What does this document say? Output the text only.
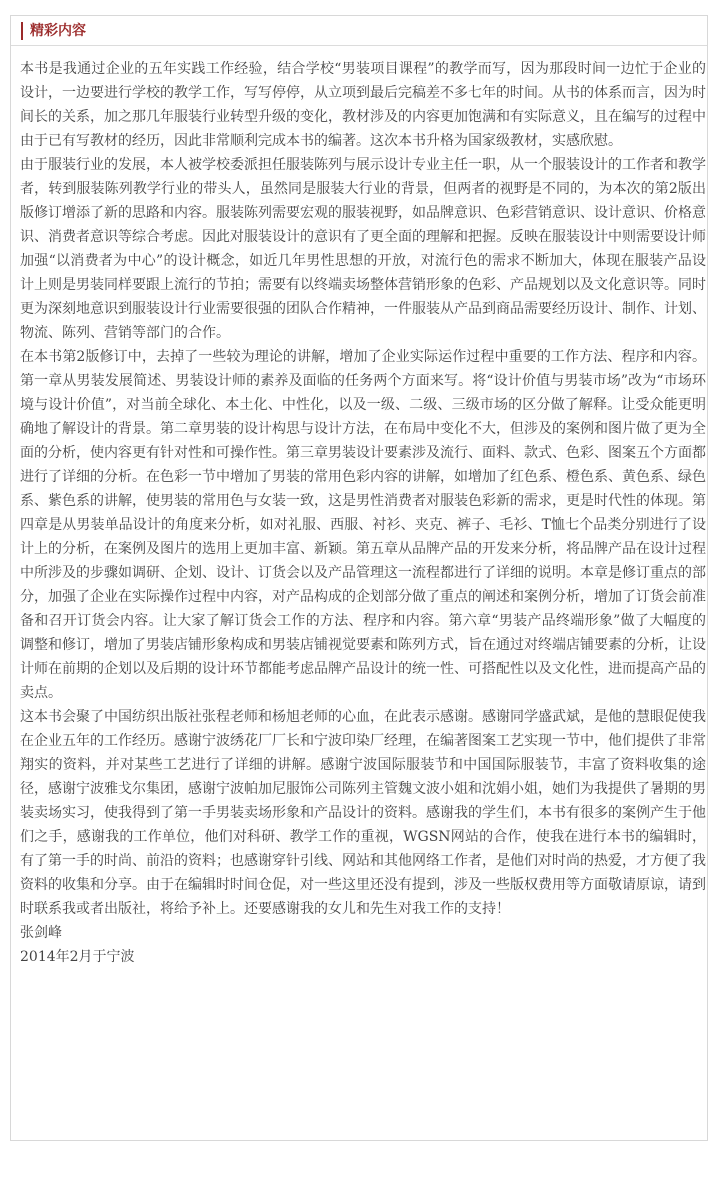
精彩内容

本书是我通过企业的五年实践工作经验，结合学校“男装项目课程”的教学而写，因为那段时间一边忙于企业的设计，一边要进行学校的教学工作，写写停停，从立项到最后完稿差不多七年的时间。从书的体系而言，因为时间长的关系，加之那几年服装行业转型升级的变化，教材涉及的内容更加饱满和有实际意义，且在编写的过程中由于已有写教材的经历，因此非常顺利完成本书的编著。这次本书升格为国家级教材，实感欣慰。

由于服装行业的发展，本人被学校委派担任服装陈列与展示设计专业主任一职，从一个服装设计的工作者和教学者，转到服装陈列教学行业的带头人，虽然同是服装大行业的背景，但两者的视野是不同的，为本次的第2版出版修订增添了新的思路和内容。服装陈列需要宏观的服装视野，如品牌意识、色彩营销意识、设计意识、价格意识、消费者意识等综合考虑。因此对服装设计的意识有了更全面的理解和把握。反映在服装设计中则需要设计师加强“以消费者为中心”的设计概念，如近几年男性思想的开放，对流行色的需求不断加大，体现在服装产品设计上则是男装同样要跟上流行的节拍；需要有以终端卖场整体营销形象的色彩、产品规划以及文化意识等。同时更为深刻地意识到服装设计行业需要很强的团队合作精神，一件服装从产品到商品需要经历设计、制作、计划、物流、陈列、营销等部门的合作。

在本书第2版修订中，去掉了一些较为理论的讲解，增加了企业实际运作过程中重要的工作方法、程序和内容。第一章从男装发展简述、男装设计师的素养及面临的任务两个方面来写。将“设计价值与男装市场”改为“市场环境与设计价值”，对当前全球化、本土化、中性化，以及一级、二级、三级市场的区分做了解释。让受众能更明确地了解设计的背景。第二章男装的设计构思与设计方法，在布局中变化不大，但涉及的案例和图片做了更为全面的分析，使内容更有针对性和可操作性。第三章男装设计要素涉及流行、面料、款式、色彩、图案五个方面都进行了详细的分析。在色彩一节中增加了男装的常用色彩内容的讲解，如增加了红色系、橙色系、黄色系、绿色系、紫色系的讲解，使男装的常用色与女装一致，这是男性消费者对服装色彩新的需求，更是时代性的体现。第四章是从男装单品设计的角度来分析，如对礼服、西服、衬衫、夹克、裤子、毛衫、T恤七个品类分别进行了设计上的分析，在案例及图片的选用上更加丰富、新颖。第五章从品牌产品的开发来分析，将品牌产品在设计过程中所涉及的步骤如调研、企划、设计、订货会以及产品管理这一流程都进行了详细的说明。本章是修订重点的部分，加强了企业在实际操作过程中内容，对产品构成的企划部分做了重点的阐述和案例分析，增加了订货会前准备和召开订货会内容。让大家了解订货会工作的方法、程序和内容。第六章“男装产品终端形象”做了大幅度的调整和修订，增加了男装店铺形象构成和男装店铺视觉要素和陈列方式，旨在通过对终端店铺要素的分析，让设计师在前期的企划以及后期的设计环节都能考虑品牌产品设计的统一性、可搭配性以及文化性，进而提高产品的卖点。

这本书会聚了中国纺织出版社张程老师和杨旭老师的心血，在此表示感谢。感谢同学盛武斌，是他的慧眼促使我在企业五年的工作经历。感谢宁波绣花厂厂长和宁波印染厂经理，在编著图案工艺实现一节中，他们提供了非常翔实的资料，并对某些工艺进行了详细的讲解。感谢宁波国际服装节和中国国际服装节，丰富了资料收集的途径，感谢宁波雅戈尔集团，感谢宁波帕加尼服饰公司陈列主管魏文波小姐和沈娟小姐，她们为我提供了暑期的男装卖场实习，使我得到了第一手男装卖场形象和产品设计的资料。感谢我的学生们，本书有很多的案例产生于他们之手，感谢我的工作单位，他们对科研、教学工作的重视，WGSN网站的合作，使我在进行本书的编辑时，有了第一手的时尚、前沿的资料；也感谢穿针引线、网站和其他网络工作者，是他们对时尚的热爱，才方便了我资料的收集和分享。由于在编辑时时间仓促，对一些这里还没有提到，涉及一些版权费用等方面敬请原谅，请到时联系我或者出版社，将给予补上。还要感谢我的女儿和先生对我工作的支持！

张剑峰

2014年2月于宁波
